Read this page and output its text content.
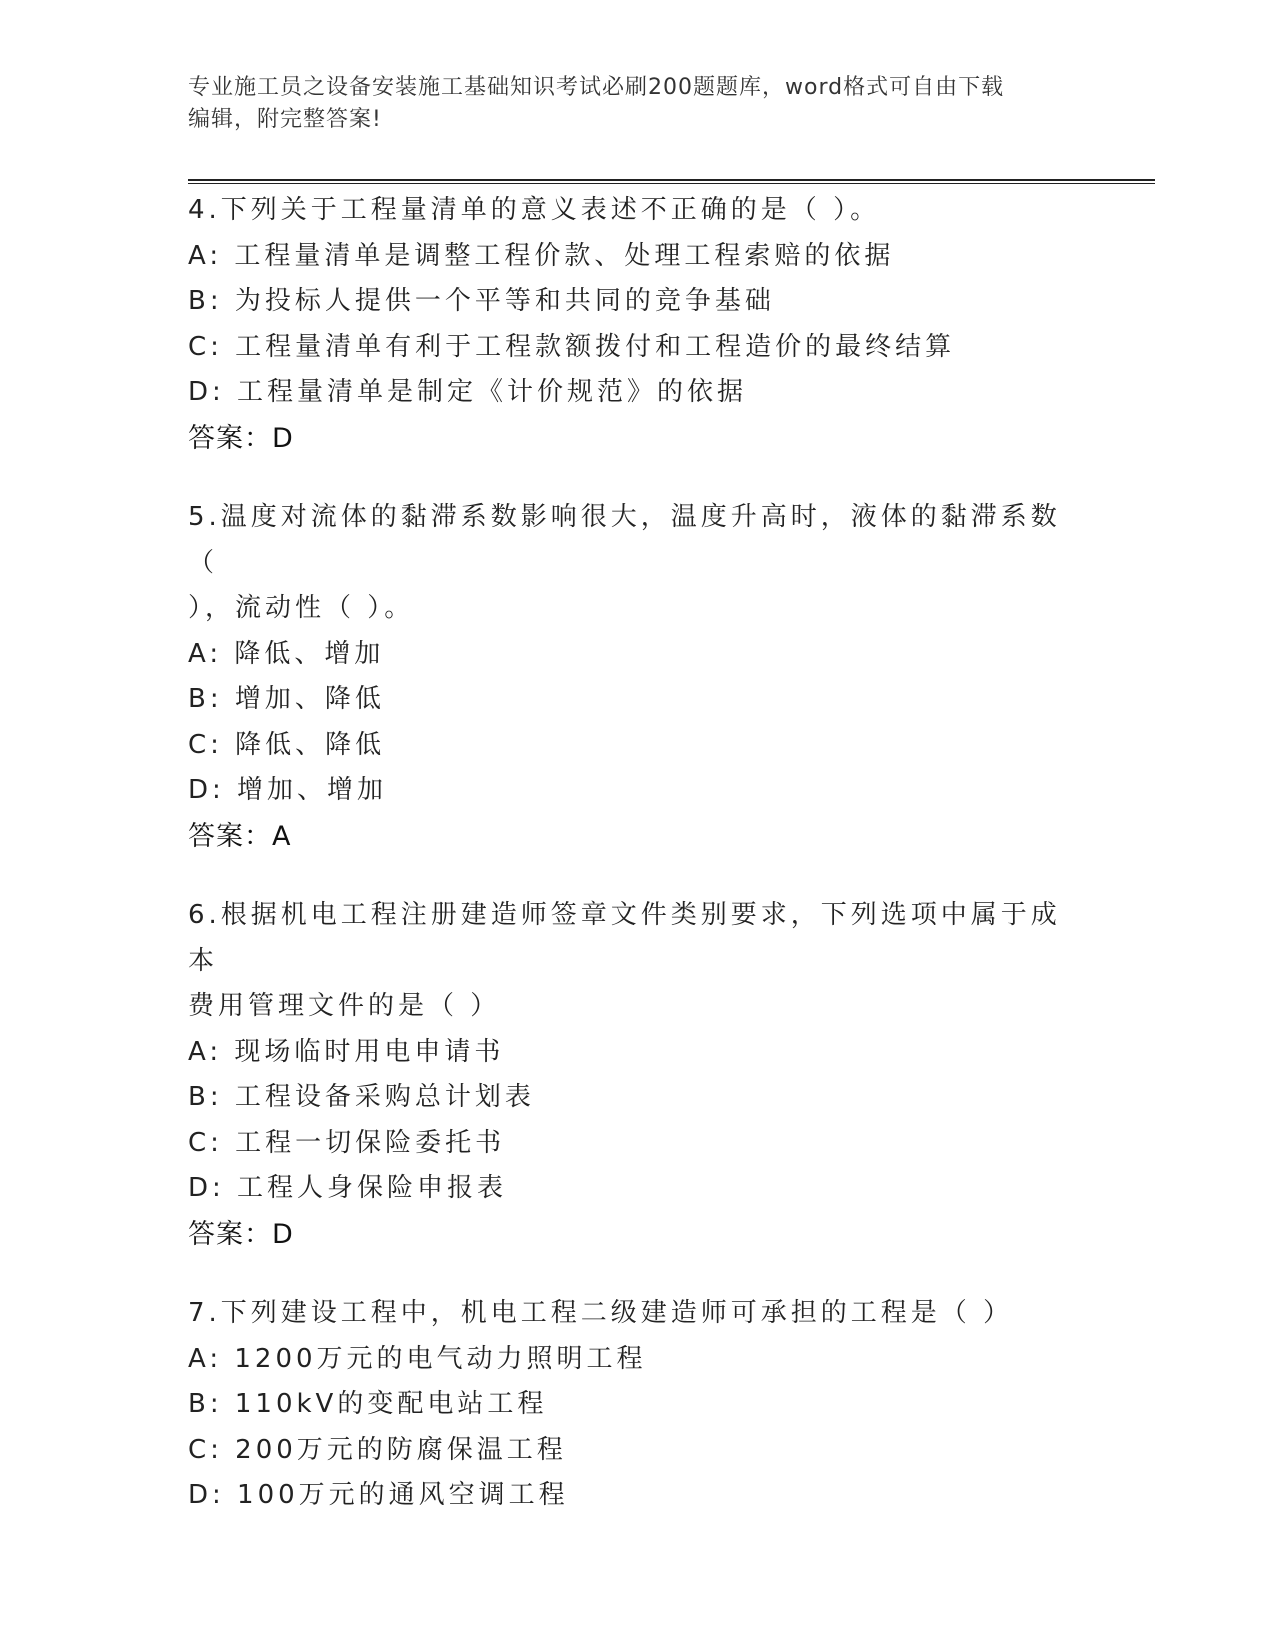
专业施工员之设备安装施工基础知识考试必刷200题题库，word格式可自由下载
编辑，附完整答案!
4.下列关于工程量清单的意义表述不正确的是（ ）。
A: 工程量清单是调整工程价款、处理工程索赔的依据
B: 为投标人提供一个平等和共同的竞争基础
C: 工程量清单有利于工程款额拨付和工程造价的最终结算
D: 工程量清单是制定《计价规范》的依据
答案：D
5.温度对流体的黏滞系数影响很大，温度升高时，液体的黏滞系数（
），流动性（ ）。
A: 降低、增加
B: 增加、降低
C: 降低、降低
D: 增加、增加
答案：A
6.根据机电工程注册建造师签章文件类别要求，下列选项中属于成本
费用管理文件的是（ ）
A: 现场临时用电申请书
B: 工程设备采购总计划表
C: 工程一切保险委托书
D: 工程人身保险申报表
答案：D
7.下列建设工程中，机电工程二级建造师可承担的工程是（ ）
A: 1200万元的电气动力照明工程
B: 110kV的变配电站工程
C: 200万元的防腐保温工程
D: 100万元的通风空调工程
